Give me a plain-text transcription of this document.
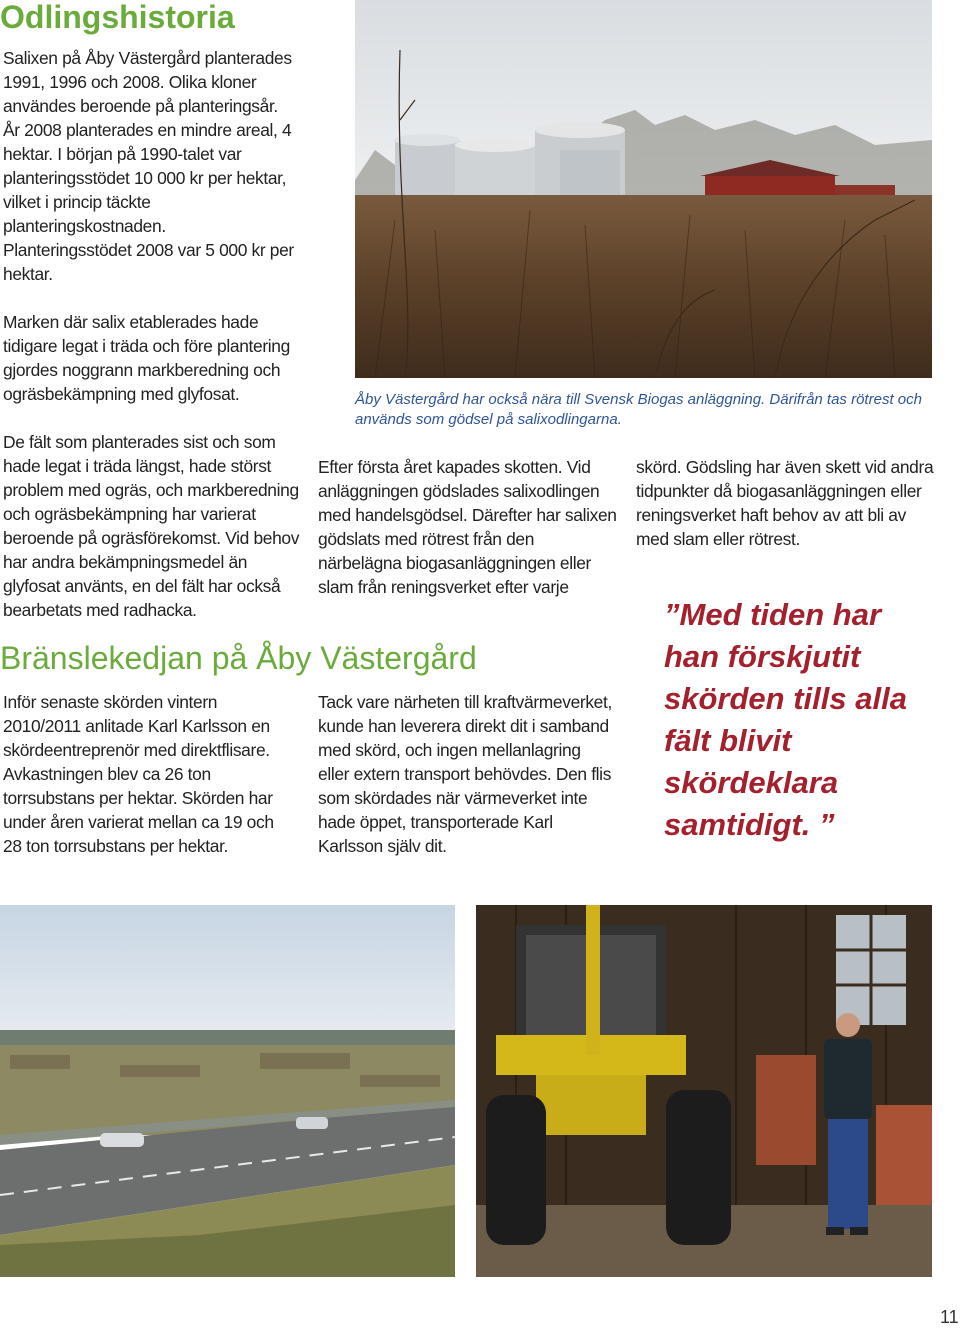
Odlingshistoria

Salixen på Åby Västergård planterades 1991, 1996 och 2008. Olika kloner användes beroende på planteringsår. År 2008 planterades en mindre areal, 4 hektar. I början på 1990-talet var planteringsstödet 10 000 kr per hektar, vilket i princip täckte planteringskostnaden. Planteringsstödet 2008 var 5 000 kr per hektar.

Marken där salix etablerades hade tidigare legat i träda och före plantering gjordes noggrann markberedning och ogräsbekämpning med glyfosat.

De fält som planterades sist och som hade legat i träda längst, hade störst problem med ogräs, och markberedning och ogräsbekämpning har varierat beroende på ogräsförekomst. Vid behov har andra bekämpningsmedel än glyfosat använts, en del fält har också bearbetats med radhacka.

Åby Västergård har också nära till Svensk Biogas anläggning. Därifrån tas rötrest och används som gödsel på salixodlingarna.

Efter första året kapades skotten. Vid anläggningen gödslades salixodlingen med handelsgödsel. Därefter har salixen gödslats med rötrest från den närbelägna biogasanläggningen eller slam från reningsverket efter varje

skörd. Gödsling har även skett vid andra tidpunkter då biogasanläggningen eller reningsverket haft behov av att bli av med slam eller rötrest.

Bränslekedjan på Åby Västergård

Inför senaste skörden vintern 2010/2011 anlitade Karl Karlsson en skördeentreprenör med direktflisare. Avkastningen blev ca 26 ton torrsubstans per hektar. Skörden har under åren varierat mellan ca 19 och 28 ton torrsubstans per hektar.

Tack vare närheten till kraftvärmeverket, kunde han leverera direkt dit i samband med skörd, och ingen mellanlagring eller extern transport behövdes. Den flis som skördades när värmeverket inte hade öppet, transporterade Karl Karlsson själv dit.

”Med tiden har han förskjutit skörden tills alla fält blivit skördeklara samtidigt. ”
11
